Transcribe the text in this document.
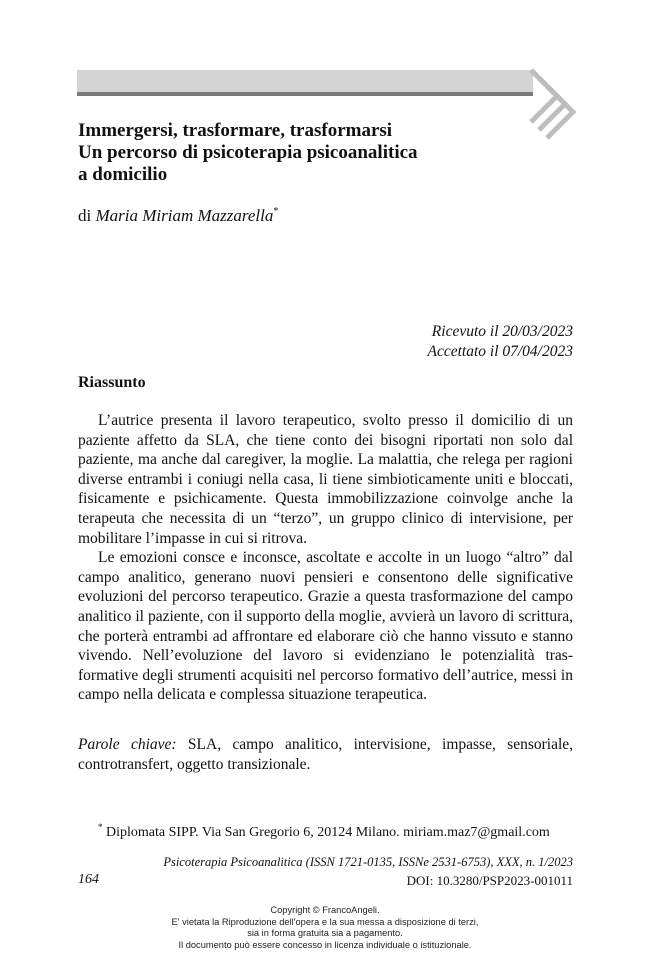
Immergersi, trasformare, trasformarsi
Un percorso di psicoterapia psicoanalitica
a domicilio
di Maria Miriam Mazzarella*
Ricevuto il 20/03/2023
Accettato il 07/04/2023
Riassunto

L’autrice presenta il lavoro terapeutico, svolto presso il domicilio di un paziente affetto da SLA, che tiene conto dei bisogni riportati non solo dal paziente, ma anche dal caregiver, la moglie. La malattia, che relega per ragioni diverse entrambi i coniugi nella casa, li tiene simbioticamente uniti e bloccati, fisicamente e psichicamente. Questa immobilizzazione coinvolge anche la terapeuta che necessita di un “terzo”, un gruppo clinico di intervisione, per mobilitare l’impasse in cui si ritrova.

Le emozioni consce e inconsce, ascoltate e accolte in un luogo “altro” dal campo analitico, generano nuovi pensieri e consentono delle significative evoluzioni del percorso terapeutico. Grazie a questa trasformazione del campo analitico il paziente, con il supporto della moglie, avvierà un lavoro di scrittura, che porterà entrambi ad affrontare ed elaborare ciò che hanno vissuto e stanno vivendo. Nell’evoluzione del lavoro si evidenziano le potenzialità tras-formative degli strumenti acquisiti nel percorso formativo dell’autrice, messi in campo nella delicata e complessa situazione terapeutica.

Parole chiave: SLA, campo analitico, intervisione, impasse, sensoriale, controtransfert, oggetto transizionale.
* Diplomata SIPP. Via San Gregorio 6, 20124 Milano. miriam.maz7@gmail.com
Psicoterapia Psicoanalitica (ISSN 1721-0135, ISSNe 2531-6753), XXX, n. 1/2023
164	DOI: 10.3280/PSP2023-001011
Copyright © FrancoAngeli.
E' vietata la Riproduzione dell'opera e la sua messa a disposizione di terzi,
sia in forma gratuita sia a pagamento.
Il documento può essere concesso in licenza individuale o istituzionale.
